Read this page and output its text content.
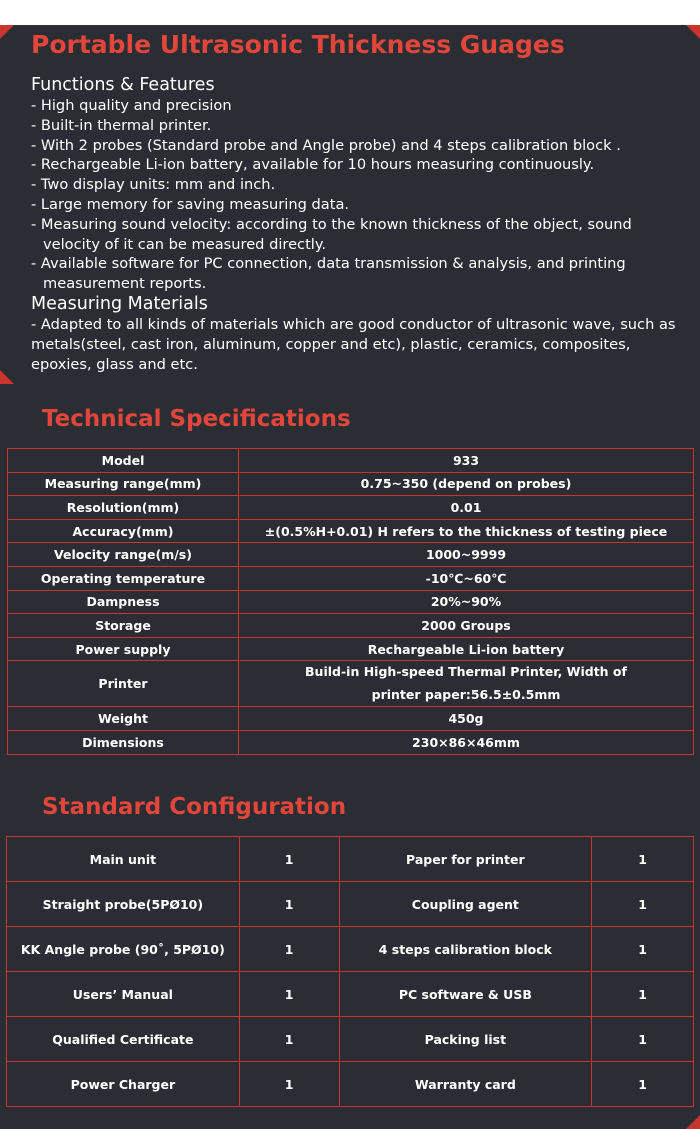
Portable Ultrasonic Thickness Guages
Functions & Features
- High quality and precision
- Built-in thermal printer.
- With 2 probes (Standard probe and Angle probe) and 4 steps calibration block .
- Rechargeable Li-ion battery, available for 10 hours measuring continuously.
- Two display units: mm and inch.
- Large memory for saving measuring data.
- Measuring sound velocity: according to the known thickness of the object, sound velocity of it can be measured directly.
- Available software for PC connection, data transmission & analysis, and printing measurement reports.
Measuring Materials

- Adapted to all kinds of materials which are good conductor of ultrasonic wave, such as metals(steel, cast iron, aluminum, copper and etc), plastic, ceramics, composites, epoxies, glass and etc.

Technical Specifications
Model	933
Measuring range(mm)	0.75~350 (depend on probes)
Resolution(mm)	0.01
Accuracy(mm)	±(0.5%H+0.01) H refers to the thickness of testing piece
Velocity range(m/s)	1000~9999
Operating temperature	-10℃~60℃
Dampness	20%~90%
Storage	2000 Groups
Power supply	Rechargeable Li-ion battery
Printer	Build-in High-speed Thermal Printer, Width of printer paper:56.5±0.5mm
Weight	450g
Dimensions	230×86×46mm
Standard Configuration
Main unit	1	Paper for printer	1
Straight probe(5PØ10)	1	Coupling agent	1
KK Angle probe (90˚, 5PØ10)	1	4 steps calibration block	1
Users’ Manual	1	PC software & USB	1
Qualified Certificate	1	Packing list	1
Power Charger	1	Warranty card	1
